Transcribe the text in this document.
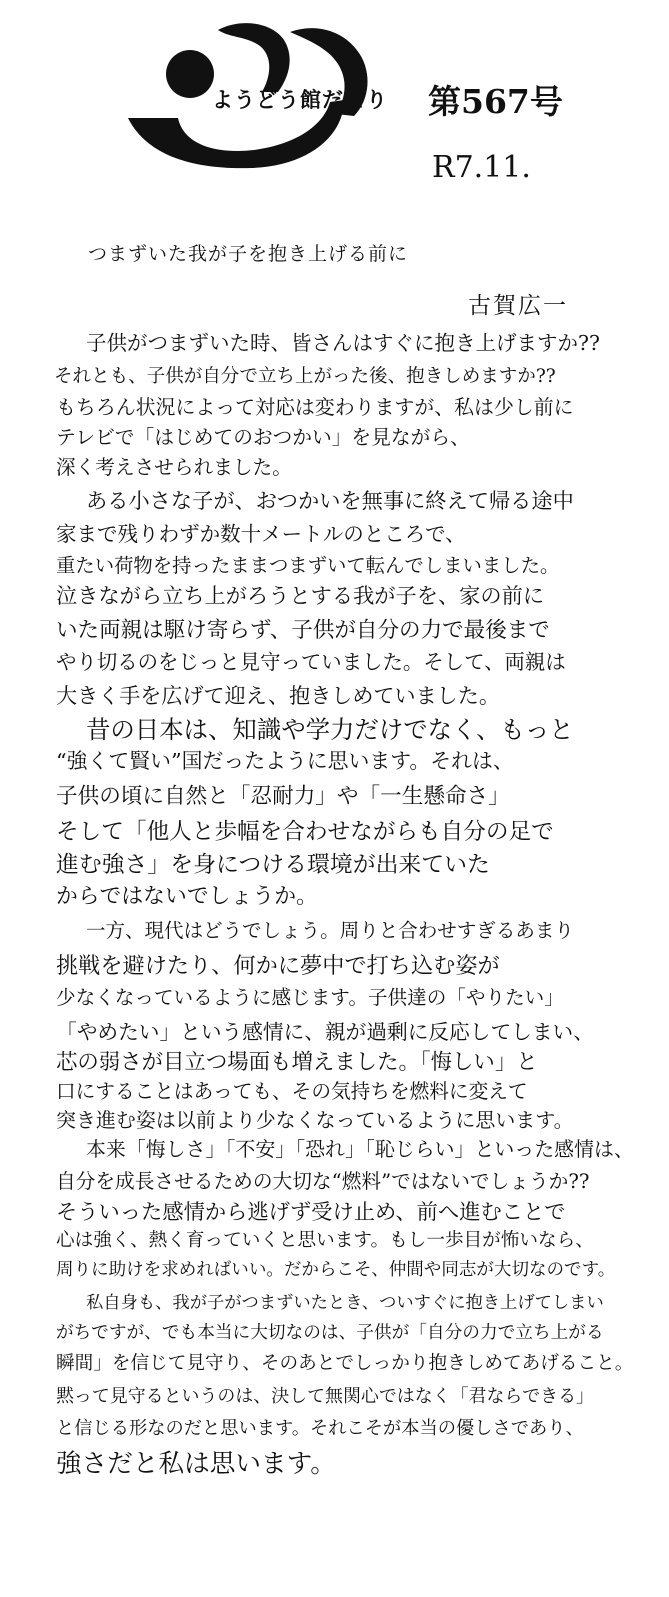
ようどう館だより 第567号
R7.11.
つまずいた我が子を抱き上げる前に
古賀広一
子供がつまずいた時、皆さんはすぐに抱き上げますか??
それとも、子供が自分で立ち上がった後、抱きしめますか??
もちろん状況によって対応は変わりますが、私は少し前に
テレビで「はじめてのおつかい」を見ながら、
深く考えさせられました。
ある小さな子が、おつかいを無事に終えて帰る途中
家まで残りわずか数十メートルのところで、
重たい荷物を持ったままつまずいて転んでしまいました。
泣きながら立ち上がろうとする我が子を、家の前に
いた両親は駆け寄らず、子供が自分の力で最後まで
やり切るのをじっと見守っていました。そして、両親は
大きく手を広げて迎え、抱きしめていました。
昔の日本は、知識や学力だけでなく、もっと
“強くて賢い”国だったように思います。それは、
子供の頃に自然と「忍耐力」や「一生懸命さ」
そして「他人と歩幅を合わせながらも自分の足で
進む強さ」を身につける環境が出来ていた
からではないでしょうか。
一方、現代はどうでしょう。周りと合わせすぎるあまり
挑戦を避けたり、何かに夢中で打ち込む姿が
少なくなっているように感じます。子供達の「やりたい」
「やめたい」という感情に、親が過剰に反応してしまい、
芯の弱さが目立つ場面も増えました。「悔しい」と
口にすることはあっても、その気持ちを燃料に変えて
突き進む姿は以前より少なくなっているように思います。
本来「悔しさ」「不安」「恐れ」「恥じらい」といった感情は、
自分を成長させるための大切な“燃料”ではないでしょうか??
そういった感情から逃げず受け止め、前へ進むことで
心は強く、熱く育っていくと思います。もし一歩目が怖いなら、
周りに助けを求めればいい。だからこそ、仲間や同志が大切なのです。
私自身も、我が子がつまずいたとき、ついすぐに抱き上げてしまい
がちですが、でも本当に大切なのは、子供が「自分の力で立ち上がる
瞬間」を信じて見守り、そのあとでしっかり抱きしめてあげること。
黙って見守るというのは、決して無関心ではなく「君ならできる」
と信じる形なのだと思います。それこそが本当の優しさであり、
強さだと私は思います。
